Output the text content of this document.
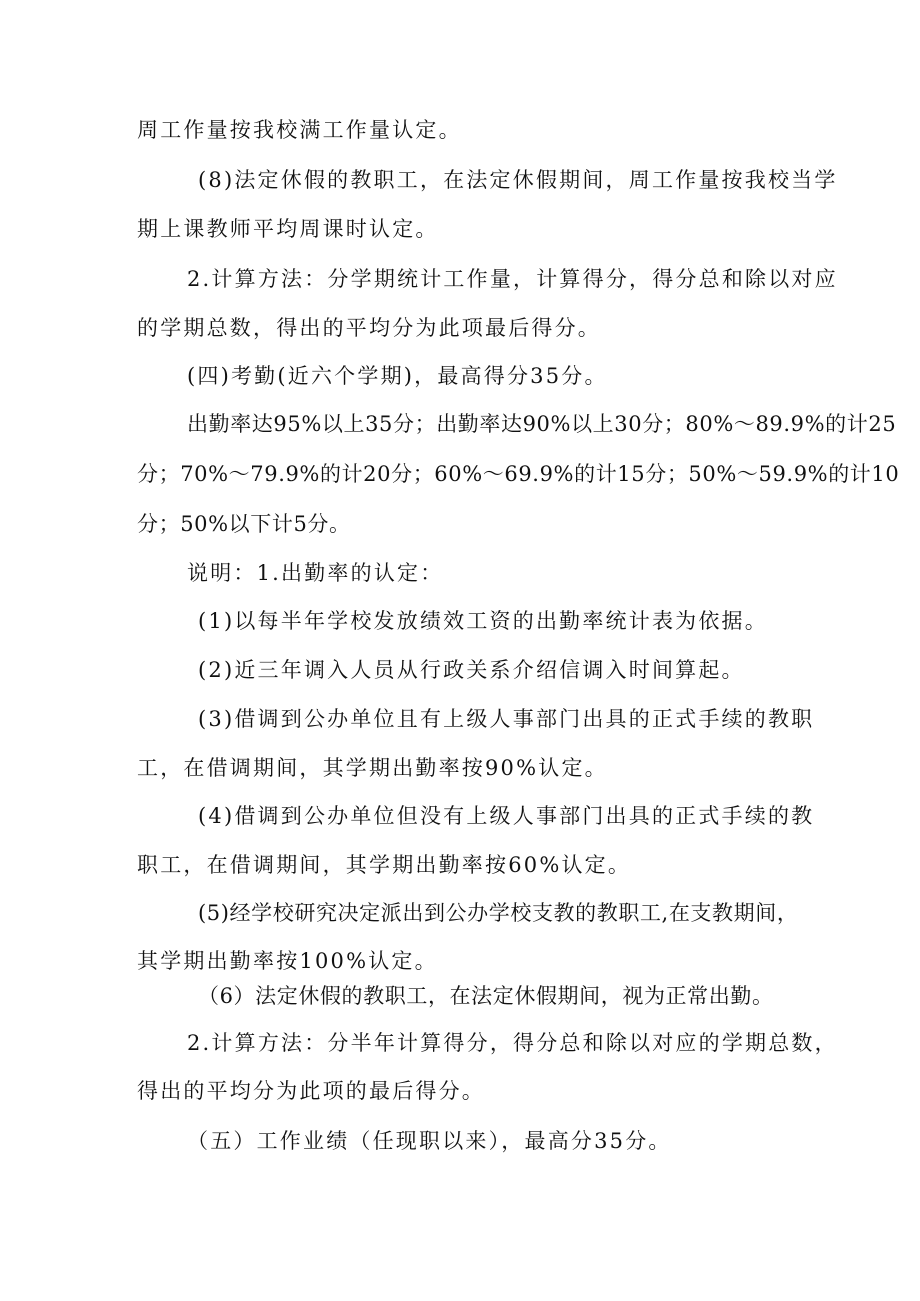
周工作量按我校满工作量认定。
(8)法定休假的教职工，在法定休假期间，周工作量按我校当学
期上课教师平均周课时认定。
2.计算方法：分学期统计工作量，计算得分，得分总和除以对应
的学期总数，得出的平均分为此项最后得分。
(四)考勤(近六个学期)，最高得分35分。
出勤率达95%以上35分；出勤率达90%以上30分；80%～89.9%的计25
分；70%～79.9%的计20分；60%～69.9%的计15分；50%～59.9%的计10
分；50%以下计5分。
说明：1.出勤率的认定：
(1)以每半年学校发放绩效工资的出勤率统计表为依据。
(2)近三年调入人员从行政关系介绍信调入时间算起。
(3)借调到公办单位且有上级人事部门出具的正式手续的教职
工，在借调期间，其学期出勤率按90%认定。
(4)借调到公办单位但没有上级人事部门出具的正式手续的教
职工，在借调期间，其学期出勤率按60%认定。
(5)经学校研究决定派出到公办学校支教的教职工,在支教期间，
其学期出勤率按100%认定。
（6）法定休假的教职工，在法定休假期间，视为正常出勤。
2.计算方法：分半年计算得分，得分总和除以对应的学期总数，
得出的平均分为此项的最后得分。
（五）工作业绩（任现职以来），最高分35分。
